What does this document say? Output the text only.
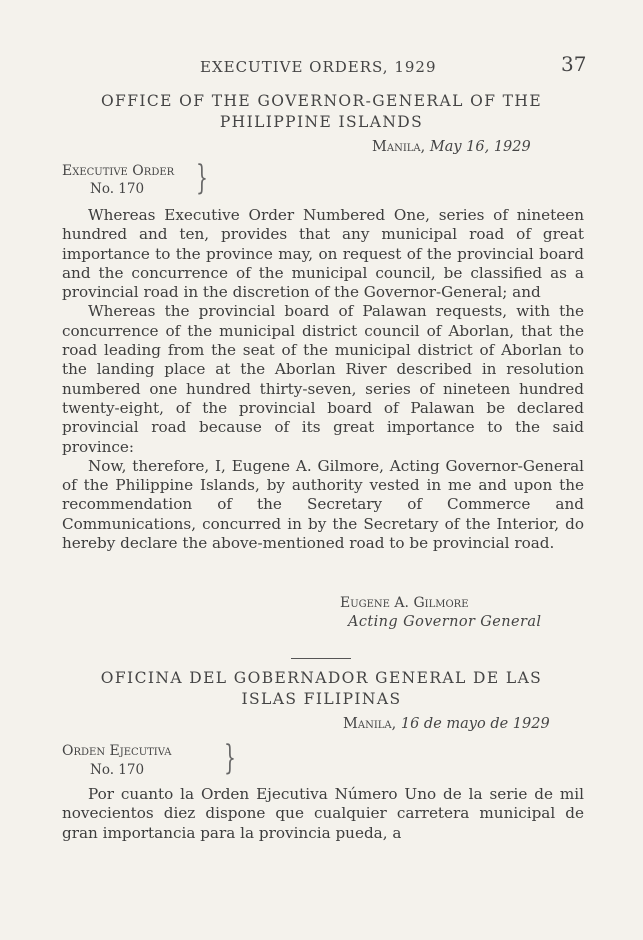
EXECUTIVE ORDERS, 1929	37
OFFICE OF THE GOVERNOR-GENERAL OF THE
PHILIPPINE ISLANDS
Manila, May 16, 1929
Executive Order
No. 170 }

Whereas Executive Order Numbered One, series of nineteen hundred and ten, provides that any municipal road of great importance to the province may, on request of the provincial board and the concurrence of the municipal council, be classified as a provincial road in the discretion of the Governor-General; and

Whereas the provincial board of Palawan requests, with the concurrence of the municipal district council of Aborlan, that the road leading from the seat of the municipal district of Aborlan to the landing place at the Aborlan River described in resolution numbered one hundred thirty-seven, series of nineteen hundred twenty-eight, of the provincial board of Palawan be declared provincial road because of its great importance to the said province:

Now, therefore, I, Eugene A. Gilmore, Acting Governor-General of the Philippine Islands, by authority vested in me and upon the recommendation of the Secretary of Commerce and Communications, concurred in by the Secretary of the Interior, do hereby declare the above-mentioned road to be provincial road.

Eugene A. Gilmore
Acting Governor General
OFICINA DEL GOBERNADOR GENERAL DE LAS
ISLAS FILIPINAS
Manila, 16 de mayo de 1929
Orden Ejecutiva
No. 170 }

Por cuanto la Orden Ejecutiva Número Uno de la serie de mil novecientos diez dispone que cualquier carretera municipal de gran importancia para la provincia pueda, a
